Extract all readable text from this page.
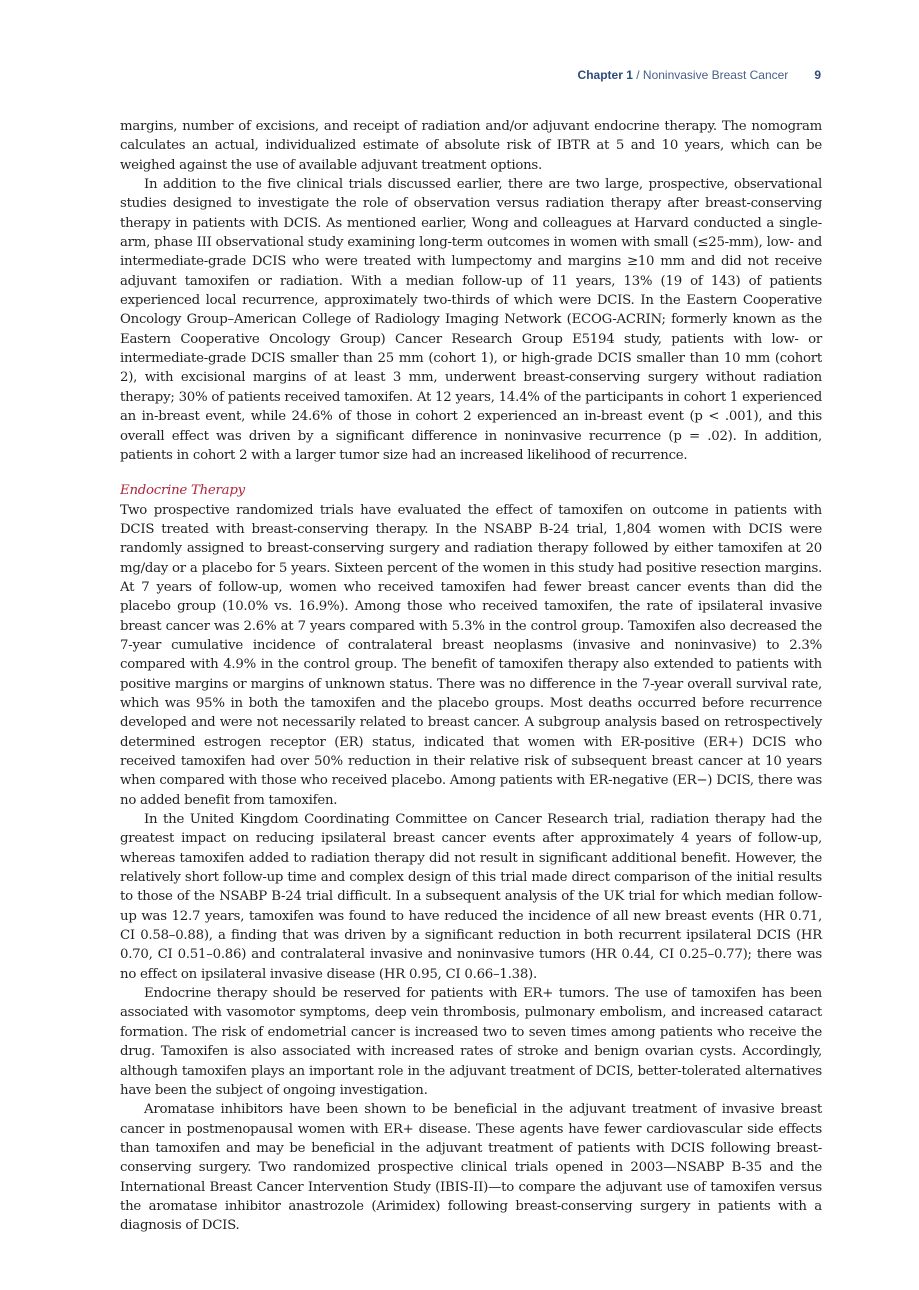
Chapter 1 / Noninvasive Breast Cancer 9

margins, number of excisions, and receipt of radiation and/or adjuvant endocrine therapy. The nomogram calculates an actual, individualized estimate of absolute risk of IBTR at 5 and 10 years, which can be weighed against the use of available adjuvant treatment options.

In addition to the five clinical trials discussed earlier, there are two large, prospective, observational studies designed to investigate the role of observation versus radiation therapy after breast-conserving therapy in patients with DCIS. As mentioned earlier, Wong and colleagues at Harvard conducted a single-arm, phase III observational study examining long-term outcomes in women with small (≤25-mm), low- and intermediate-grade DCIS who were treated with lumpectomy and margins ≥10 mm and did not receive adjuvant tamoxifen or radiation. With a median follow-up of 11 years, 13% (19 of 143) of patients experienced local recurrence, approximately two-thirds of which were DCIS. In the Eastern Cooperative Oncology Group–American College of Radiology Imaging Network (ECOG-ACRIN; formerly known as the Eastern Cooperative Oncology Group) Cancer Research Group E5194 study, patients with low- or intermediate-grade DCIS smaller than 25 mm (cohort 1), or high-grade DCIS smaller than 10 mm (cohort 2), with excisional margins of at least 3 mm, underwent breast-conserving surgery without radiation therapy; 30% of patients received tamoxifen. At 12 years, 14.4% of the participants in cohort 1 experienced an in-breast event, while 24.6% of those in cohort 2 experienced an in-breast event (p < .001), and this overall effect was driven by a significant difference in noninvasive recurrence (p = .02). In addition, patients in cohort 2 with a larger tumor size had an increased likelihood of recurrence.

Endocrine Therapy

Two prospective randomized trials have evaluated the effect of tamoxifen on outcome in patients with DCIS treated with breast-conserving therapy. In the NSABP B-24 trial, 1,804 women with DCIS were randomly assigned to breast-conserving surgery and radiation therapy followed by either tamoxifen at 20 mg/day or a placebo for 5 years. Sixteen percent of the women in this study had positive resection margins. At 7 years of follow-up, women who received tamoxifen had fewer breast cancer events than did the placebo group (10.0% vs. 16.9%). Among those who received tamoxifen, the rate of ipsilateral invasive breast cancer was 2.6% at 7 years compared with 5.3% in the control group. Tamoxifen also decreased the 7-year cumulative incidence of contralateral breast neoplasms (invasive and noninvasive) to 2.3% compared with 4.9% in the control group. The benefit of tamoxifen therapy also extended to patients with positive margins or margins of unknown status. There was no difference in the 7-year overall survival rate, which was 95% in both the tamoxifen and the placebo groups. Most deaths occurred before recurrence developed and were not necessarily related to breast cancer. A subgroup analysis based on retrospectively determined estrogen receptor (ER) status, indicated that women with ER-positive (ER+) DCIS who received tamoxifen had over 50% reduction in their relative risk of subsequent breast cancer at 10 years when compared with those who received placebo. Among patients with ER-negative (ER−) DCIS, there was no added benefit from tamoxifen.

In the United Kingdom Coordinating Committee on Cancer Research trial, radiation therapy had the greatest impact on reducing ipsilateral breast cancer events after approximately 4 years of follow-up, whereas tamoxifen added to radiation therapy did not result in significant additional benefit. However, the relatively short follow-up time and complex design of this trial made direct comparison of the initial results to those of the NSABP B-24 trial difficult. In a subsequent analysis of the UK trial for which median follow-up was 12.7 years, tamoxifen was found to have reduced the incidence of all new breast events (HR 0.71, CI 0.58–0.88), a finding that was driven by a significant reduction in both recurrent ipsilateral DCIS (HR 0.70, CI 0.51–0.86) and contralateral invasive and noninvasive tumors (HR 0.44, CI 0.25–0.77); there was no effect on ipsilateral invasive disease (HR 0.95, CI 0.66–1.38).

Endocrine therapy should be reserved for patients with ER+ tumors. The use of tamoxifen has been associated with vasomotor symptoms, deep vein thrombosis, pulmonary embolism, and increased cataract formation. The risk of endometrial cancer is increased two to seven times among patients who receive the drug. Tamoxifen is also associated with increased rates of stroke and benign ovarian cysts. Accordingly, although tamoxifen plays an important role in the adjuvant treatment of DCIS, better-tolerated alternatives have been the subject of ongoing investigation.

Aromatase inhibitors have been shown to be beneficial in the adjuvant treatment of invasive breast cancer in postmenopausal women with ER+ disease. These agents have fewer cardiovascular side effects than tamoxifen and may be beneficial in the adjuvant treatment of patients with DCIS following breast-conserving surgery. Two randomized prospective clinical trials opened in 2003—NSABP B-35 and the International Breast Cancer Intervention Study (IBIS-II)—to compare the adjuvant use of tamoxifen versus the aromatase inhibitor anastrozole (Arimidex) following breast-conserving surgery in patients with a diagnosis of DCIS.
